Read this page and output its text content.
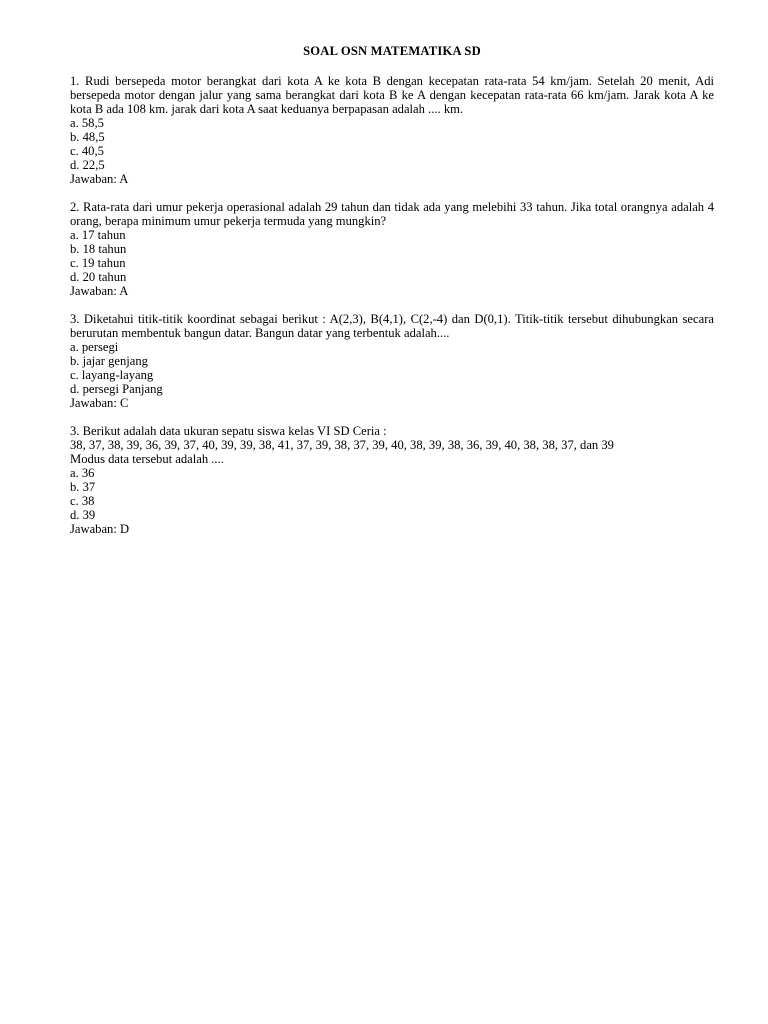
SOAL OSN MATEMATIKA SD

1. Rudi bersepeda motor berangkat dari kota A ke kota B dengan kecepatan rata-rata 54 km/jam. Setelah 20 menit, Adi bersepeda motor dengan jalur yang sama berangkat dari kota B ke A dengan kecepatan rata-rata 66 km/jam. Jarak kota A ke kota B ada 108 km. jarak dari kota A saat keduanya berpapasan adalah .... km.

a. 58,5
b. 48,5
c. 40,5
d. 22,5

Jawaban: A

2. Rata-rata dari umur pekerja operasional adalah 29 tahun dan tidak ada yang melebihi 33 tahun. Jika total orangnya adalah 4 orang, berapa minimum umur pekerja termuda yang mungkin?

a. 17 tahun
b. 18 tahun
c. 19 tahun
d. 20 tahun

Jawaban: A

3. Diketahui titik-titik koordinat sebagai berikut : A(2,3), B(4,1), C(2,-4) dan D(0,1). Titik-titik tersebut dihubungkan secara berurutan membentuk bangun datar. Bangun datar yang terbentuk adalah....

a. persegi
b. jajar genjang
c. layang-layang
d. persegi Panjang

Jawaban: C

3. Berikut adalah data ukuran sepatu siswa kelas VI SD Ceria :

38, 37, 38, 39, 36, 39, 37, 40, 39, 39, 38, 41, 37, 39, 38, 37, 39, 40, 38, 39, 38, 36, 39, 40, 38, 38, 37, dan 39

Modus data tersebut adalah ....

a. 36
b. 37
c. 38
d. 39

Jawaban: D
